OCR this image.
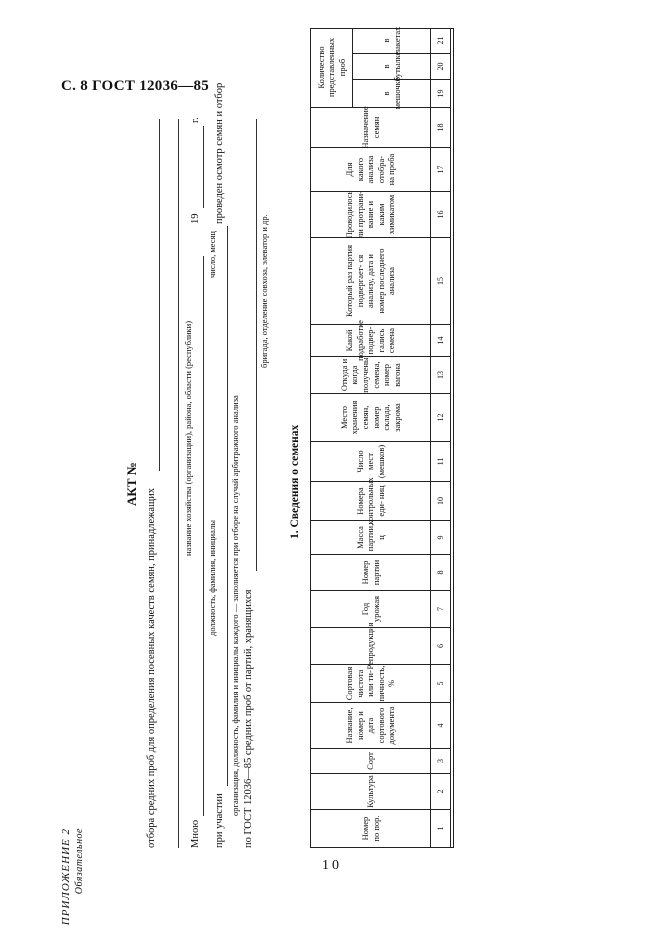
С. 8 ГОСТ 12036—85
ПРИЛОЖЕНИЕ 2 Обязательное
АКТ №
отбора средних проб для определения посевных качеств семян, принадлежащих
название хозяйства (организации), района, области (республики)
Мною
19
г.
должность, фамилия, инициалы
число, месяц
при участии
проведен осмотр семян и отбор
организация, должность, фамилия и инициалы каждого — заполняется при отборе на случай арбитражного анализа по ГОСТ 12036—85 средних проб от партий, хранящихся
бригада, отделение совхоза, элеватор и др.
1. Сведения о семенах
Номер по пор.
Культура
Сорт
Название, номер и дата сортового документа
Сортовая чистота или ти- пичность, %
Репродукция
Год урожая
Номер партии
Масса партии, ц
Номера контрольных еди- ниц
Число мест (мешков)
Место хранения семян, номер склада, закрома
Откуда и когда получены семена, номер вагона
Какой подработке подвер- гались семена
Который раз партия подвергает- ся анализу, дата и номер последнего анализа
Проводилось ли протрави- вание и каким химикатом
Для какого анализа отобра- на проба
Назначение семян
Количество представленных проб
в мешочке
в бутылке
в пакетах
1
2
3
4
5
6
7
8
9
10
11
12
13
14
15
16
17
18
19
20
21
10
